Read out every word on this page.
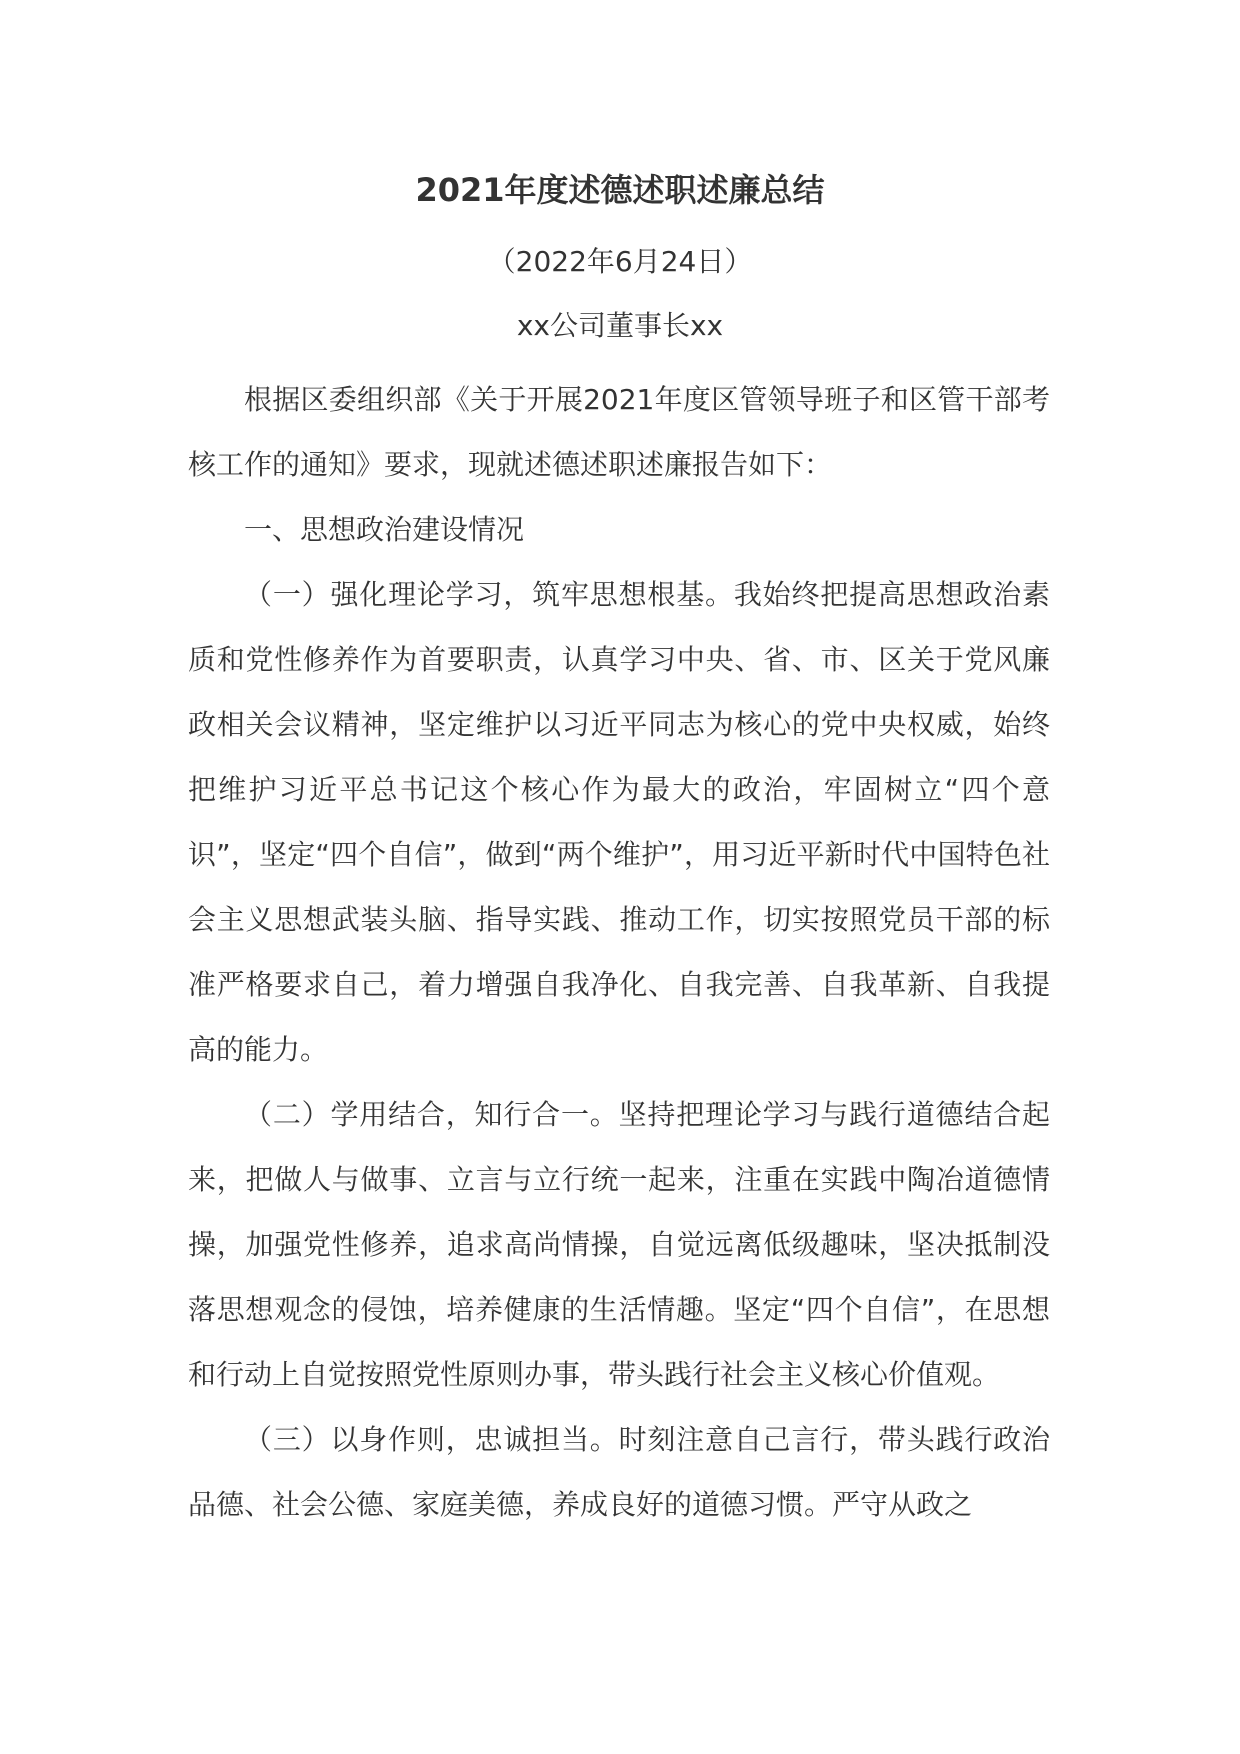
2021年度述德述职述廉总结
（2022年6月24日）
xx公司董事长xx

根据区委组织部《关于开展2021年度区管领导班子和区管干部考核工作的通知》要求，现就述德述职述廉报告如下：

一、思想政治建设情况

（一）强化理论学习，筑牢思想根基。我始终把提高思想政治素质和党性修养作为首要职责，认真学习中央、省、市、区关于党风廉政相关会议精神，坚定维护以习近平同志为核心的党中央权威，始终把维护习近平总书记这个核心作为最大的政治，牢固树立“四个意识”，坚定“四个自信”，做到“两个维护”，用习近平新时代中国特色社会主义思想武装头脑、指导实践、推动工作，切实按照党员干部的标准严格要求自己，着力增强自我净化、自我完善、自我革新、自我提高的能力。

（二）学用结合，知行合一。坚持把理论学习与践行道德结合起来，把做人与做事、立言与立行统一起来，注重在实践中陶冶道德情操，加强党性修养，追求高尚情操，自觉远离低级趣味，坚决抵制没落思想观念的侵蚀，培养健康的生活情趣。坚定“四个自信”，在思想和行动上自觉按照党性原则办事，带头践行社会主义核心价值观。

（三）以身作则，忠诚担当。时刻注意自己言行，带头践行政治品德、社会公德、家庭美德，养成良好的道德习惯。严守从政之
